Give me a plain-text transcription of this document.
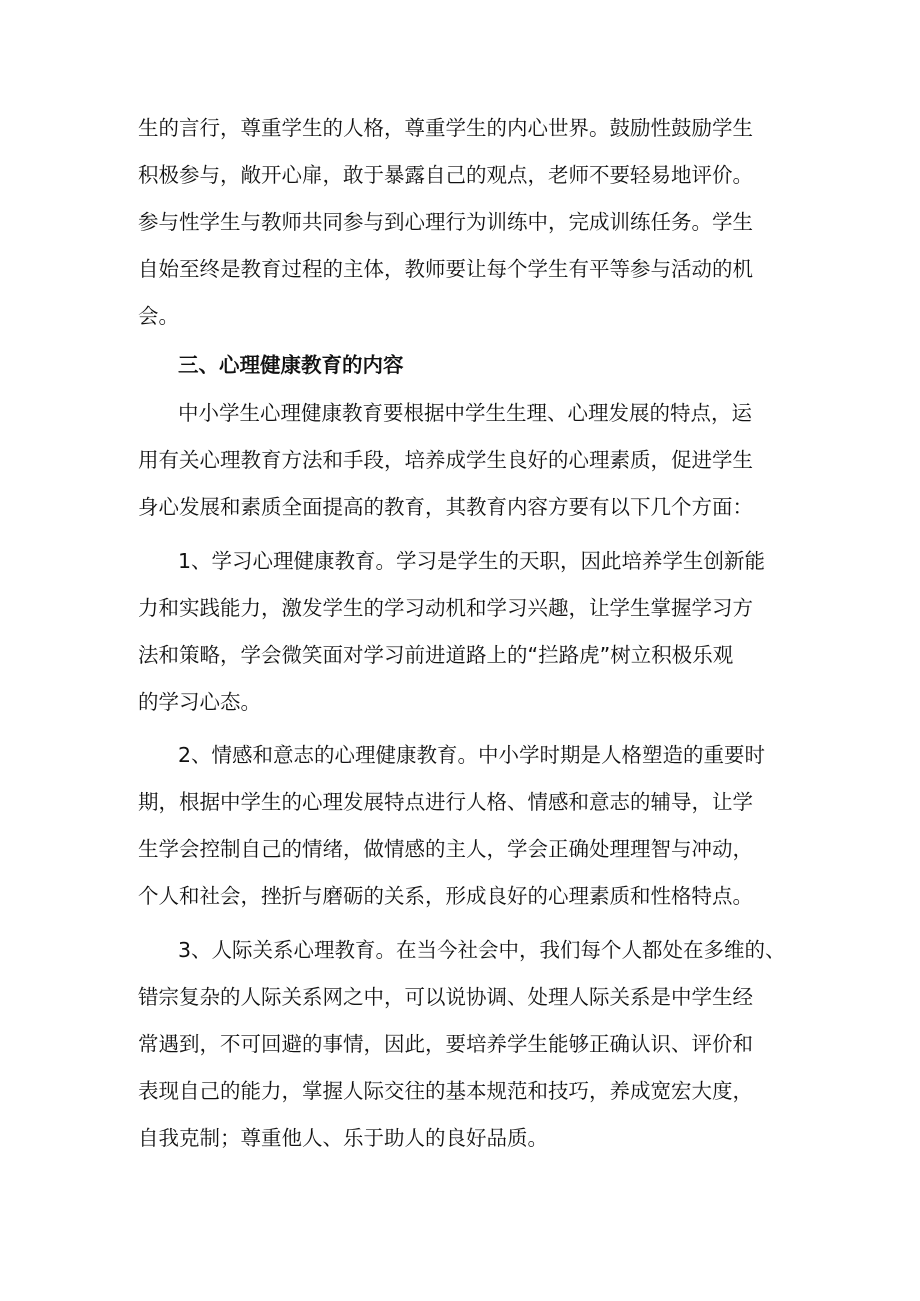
生的言行，尊重学生的人格，尊重学生的内心世界。鼓励性鼓励学生
积极参与，敞开心扉，敢于暴露自己的观点，老师不要轻易地评价。
参与性学生与教师共同参与到心理行为训练中，完成训练任务。学生
自始至终是教育过程的主体，教师要让每个学生有平等参与活动的机
会。
三、心理健康教育的内容
中小学生心理健康教育要根据中学生生理、心理发展的特点，运
用有关心理教育方法和手段，培养成学生良好的心理素质，促进学生
身心发展和素质全面提高的教育，其教育内容方要有以下几个方面：
1、学习心理健康教育。学习是学生的天职，因此培养学生创新能
力和实践能力，激发学生的学习动机和学习兴趣，让学生掌握学习方
法和策略，学会微笑面对学习前进道路上的“拦路虎”树立积极乐观
的学习心态。
2、情感和意志的心理健康教育。中小学时期是人格塑造的重要时
期，根据中学生的心理发展特点进行人格、情感和意志的辅导，让学
生学会控制自己的情绪，做情感的主人，学会正确处理理智与冲动，
个人和社会，挫折与磨砺的关系，形成良好的心理素质和性格特点。
3、人际关系心理教育。在当今社会中，我们每个人都处在多维的、
错宗复杂的人际关系网之中，可以说协调、处理人际关系是中学生经
常遇到，不可回避的事情，因此，要培养学生能够正确认识、评价和
表现自己的能力，掌握人际交往的基本规范和技巧，养成宽宏大度，
自我克制；尊重他人、乐于助人的良好品质。
